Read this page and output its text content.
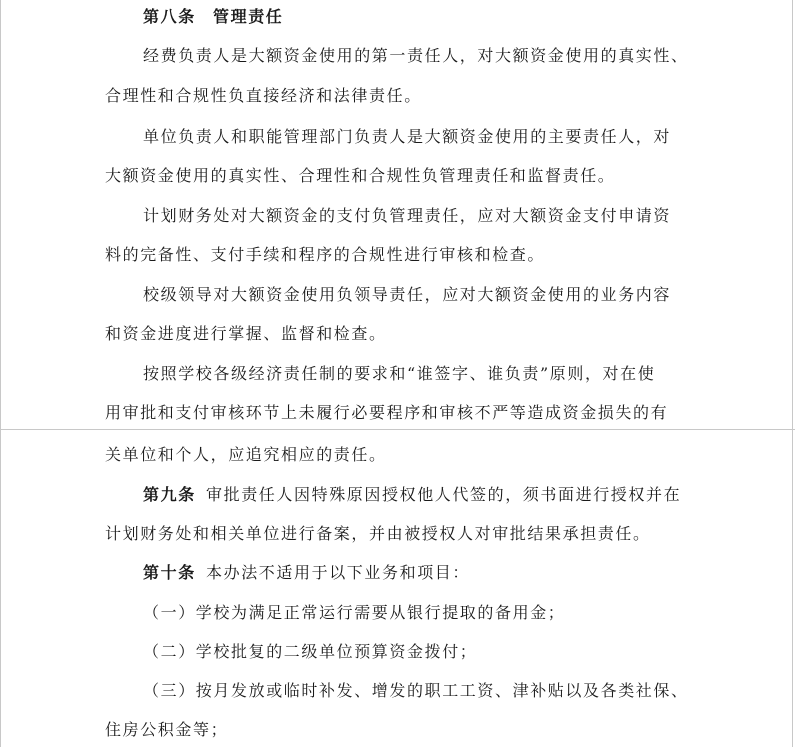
第八条 管理责任
经费负责人是大额资金使用的第一责任人，对大额资金使用的真实性、
合理性和合规性负直接经济和法律责任。
单位负责人和职能管理部门负责人是大额资金使用的主要责任人，对
大额资金使用的真实性、合理性和合规性负管理责任和监督责任。
计划财务处对大额资金的支付负管理责任，应对大额资金支付申请资
料的完备性、支付手续和程序的合规性进行审核和检查。
校级领导对大额资金使用负领导责任，应对大额资金使用的业务内容
和资金进度进行掌握、监督和检查。
按照学校各级经济责任制的要求和“谁签字、谁负责”原则，对在使
用审批和支付审核环节上未履行必要程序和审核不严等造成资金损失的有
关单位和个人，应追究相应的责任。
第九条 审批责任人因特殊原因授权他人代签的，须书面进行授权并在
计划财务处和相关单位进行备案，并由被授权人对审批结果承担责任。
第十条 本办法不适用于以下业务和项目：
（一）学校为满足正常运行需要从银行提取的备用金；
（二）学校批复的二级单位预算资金拨付；
（三）按月发放或临时补发、增发的职工工资、津补贴以及各类社保、
住房公积金等；
